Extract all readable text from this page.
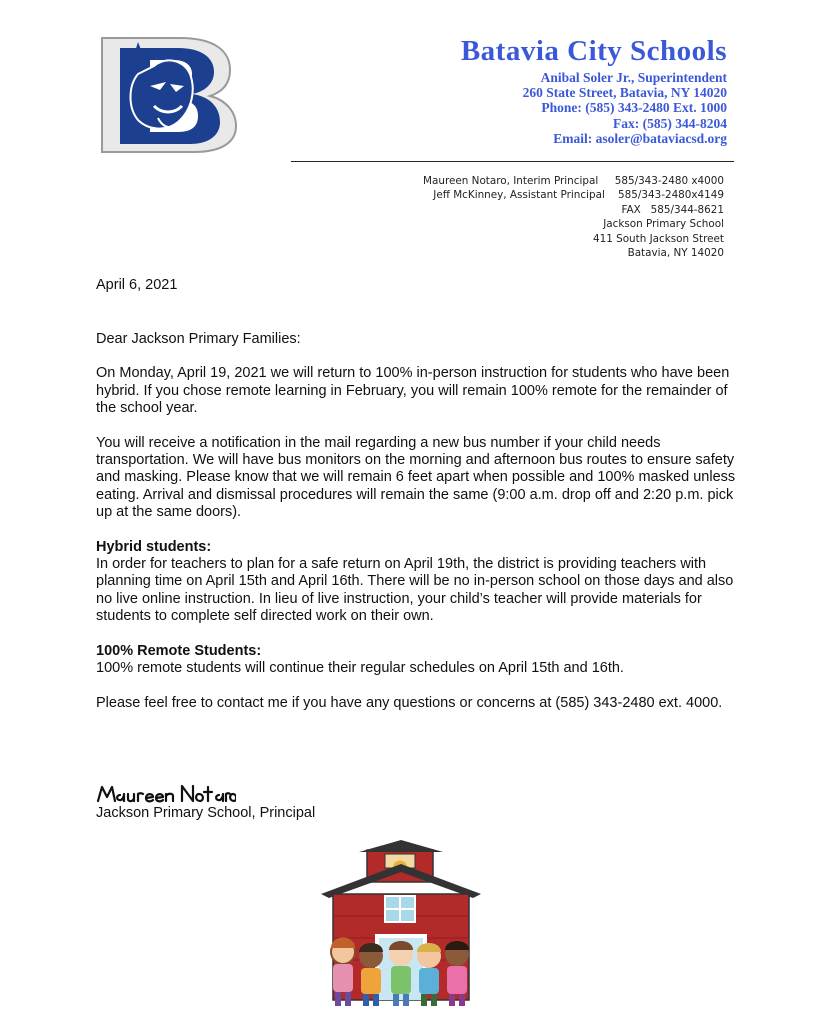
Batavia City Schools
Anibal Soler Jr., Superintendent
260 State Street, Batavia, NY 14020
Phone: (585) 343-2480 Ext. 1000
Fax: (585) 344-8204
Email: asoler@bataviacsd.org
Maureen Notaro, Interim Principal     585/343-2480 x4000
Jeff McKinney, Assistant Principal    585/343-2480x4149
FAX   585/344-8621
Jackson Primary School
411 South Jackson Street
Batavia, NY 14020
April 6, 2021

Dear Jackson Primary Families:

On Monday, April 19, 2021 we will return to 100% in-person instruction for students who have been hybrid. If you chose remote learning in February, you will remain 100% remote for the remainder of the school year.

You will receive a notification in the mail regarding a new bus number if your child needs transportation. We will have bus monitors on the morning and afternoon bus routes to ensure safety and masking. Please know that we will remain 6 feet apart when possible and 100% masked unless eating. Arrival and dismissal procedures will remain the same (9:00 a.m. drop off and 2:20 p.m. pick up at the same doors).

Hybrid students:
In order for teachers to plan for a safe return on April 19th, the district is providing teachers with planning time on April 15th and April 16th. There will be no in-person school on those days and also no live online instruction. In lieu of live instruction, your child’s teacher will provide materials for students to complete self directed work on their own.

100% Remote Students:
100% remote students will continue their regular schedules on April 15th and 16th.

Please feel free to contact me if you have any questions or concerns at (585) 343-2480 ext. 4000.

Jackson Primary School, Principal
